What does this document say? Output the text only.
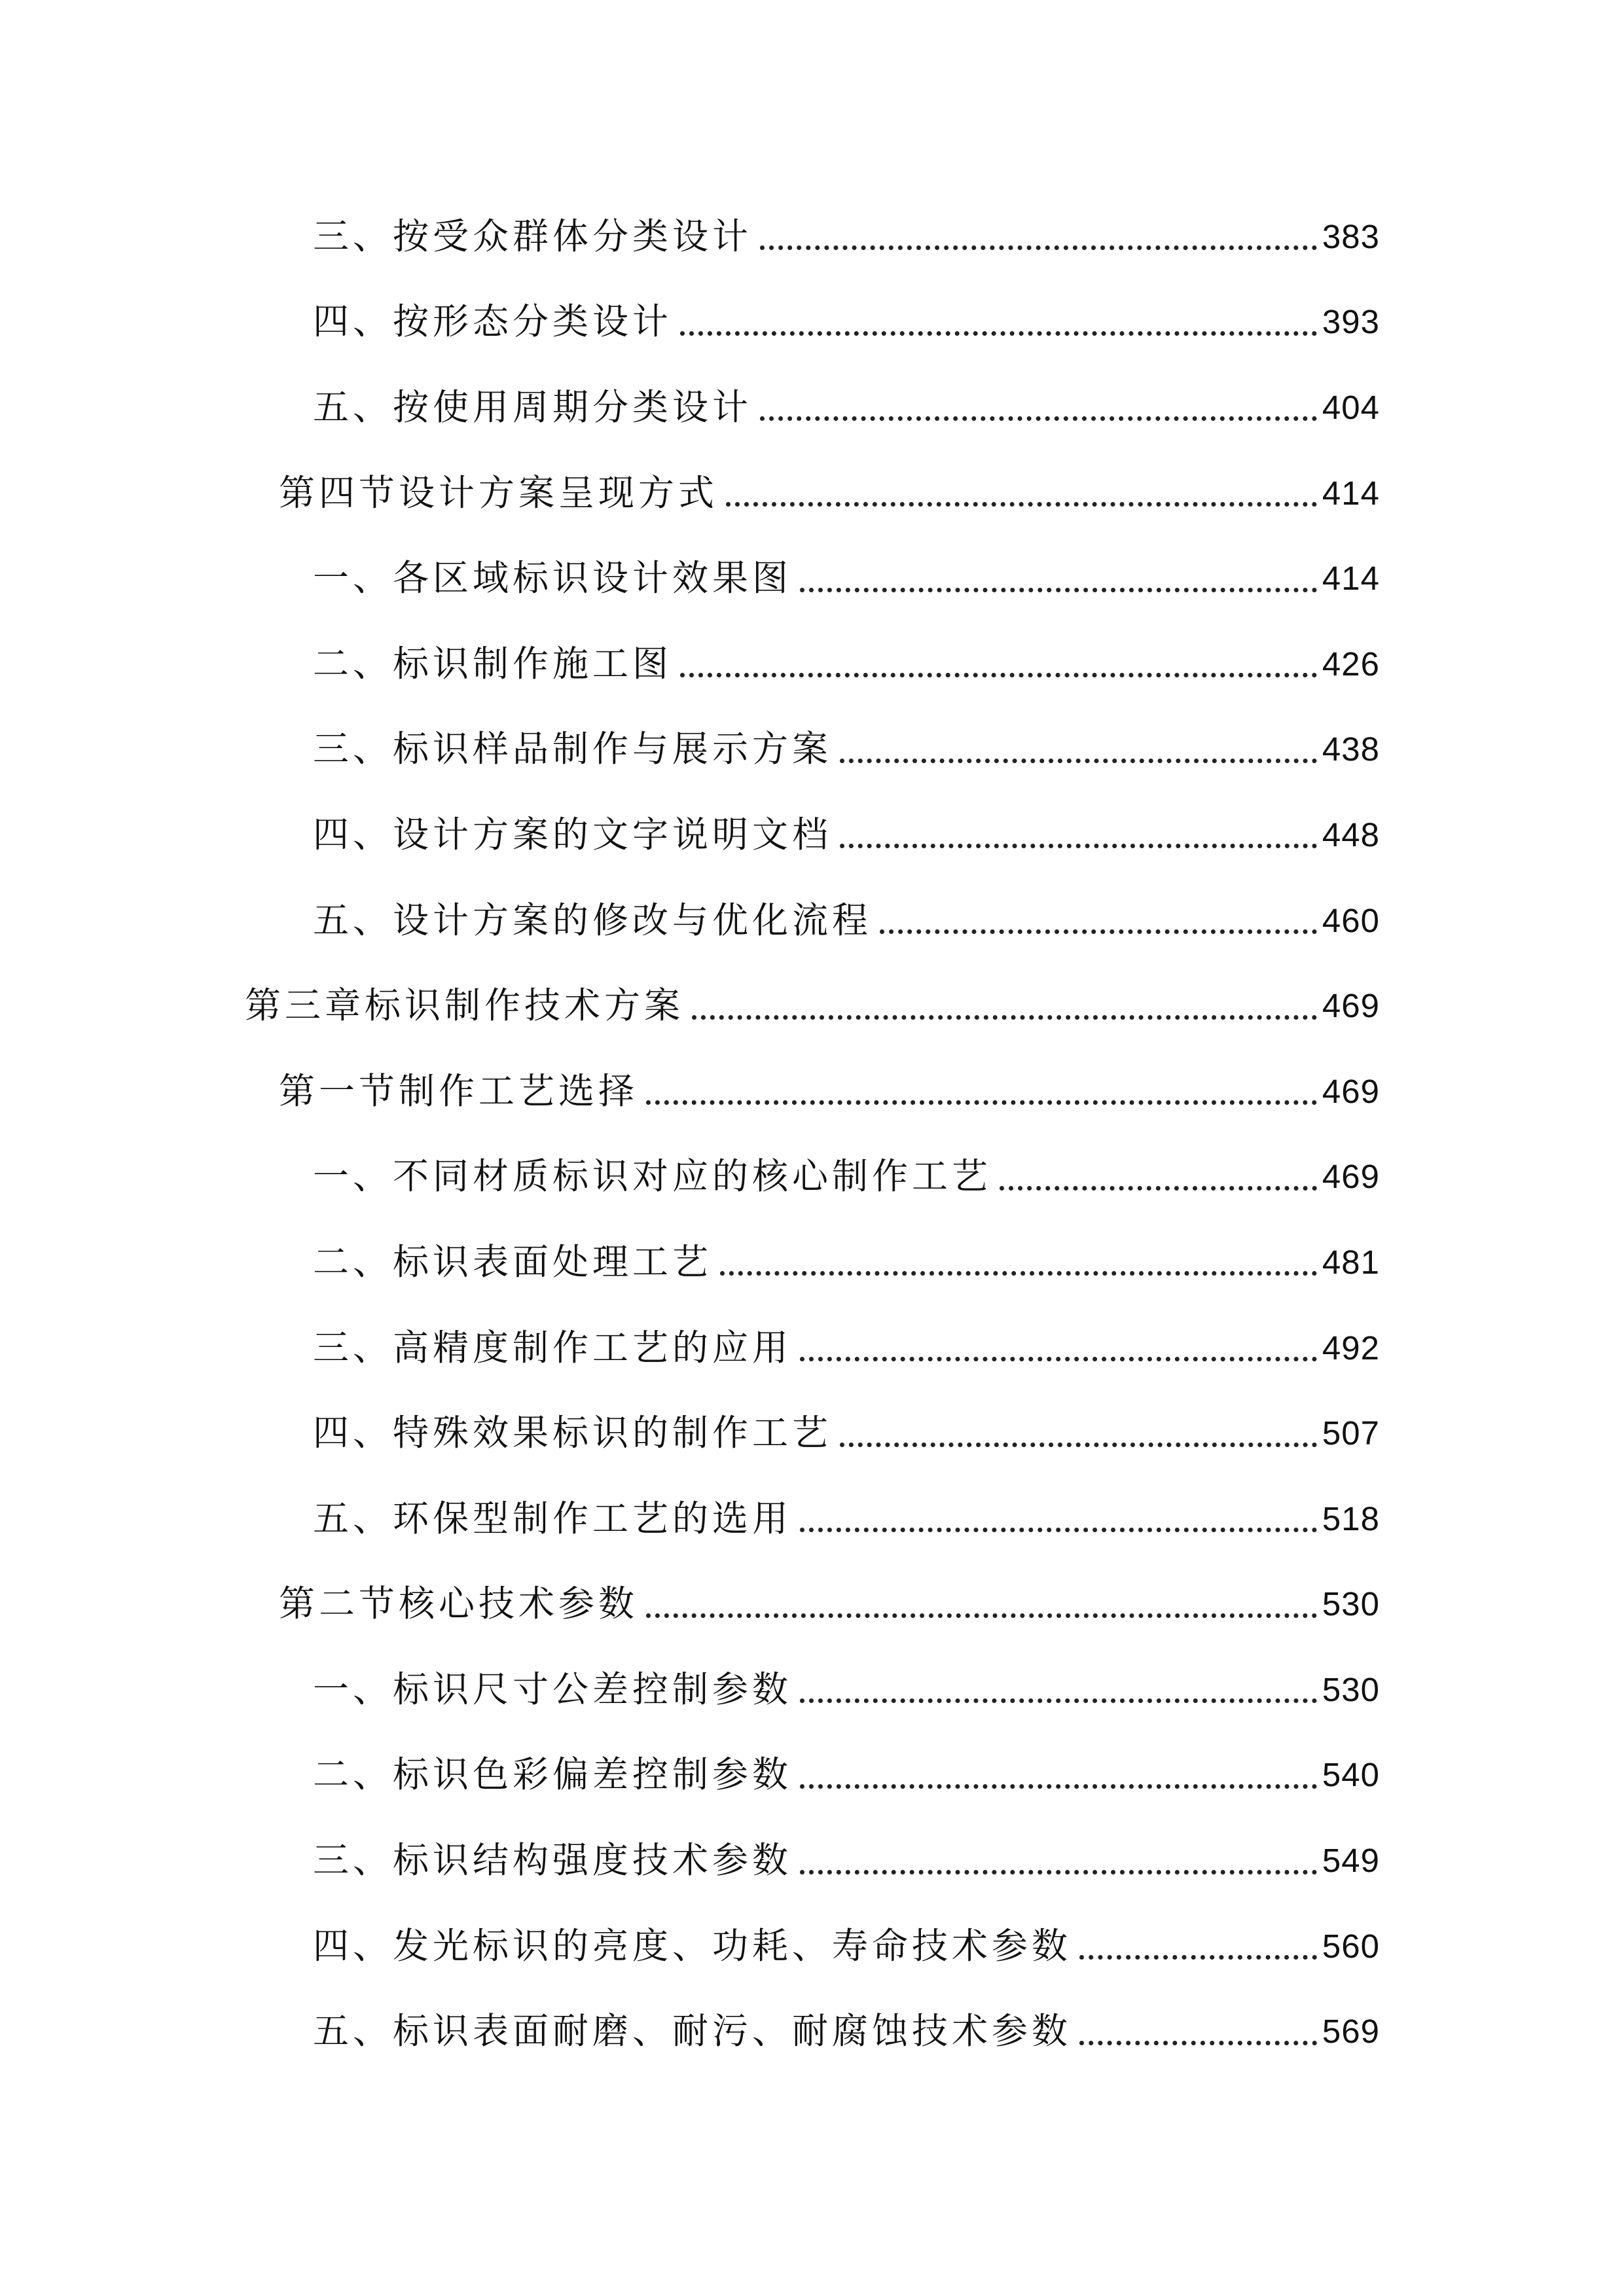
三、按受众群体分类设计	383
四、按形态分类设计	393
五、按使用周期分类设计	404
第四节设计方案呈现方式	414
一、各区域标识设计效果图	414
二、标识制作施工图	426
三、标识样品制作与展示方案	438
四、设计方案的文字说明文档	448
五、设计方案的修改与优化流程	460
第三章标识制作技术方案	469
第一节制作工艺选择	469
一、不同材质标识对应的核心制作工艺	469
二、标识表面处理工艺	481
三、高精度制作工艺的应用	492
四、特殊效果标识的制作工艺	507
五、环保型制作工艺的选用	518
第二节核心技术参数	530
一、标识尺寸公差控制参数	530
二、标识色彩偏差控制参数	540
三、标识结构强度技术参数	549
四、发光标识的亮度、功耗、寿命技术参数	560
五、标识表面耐磨、耐污、耐腐蚀技术参数	569
